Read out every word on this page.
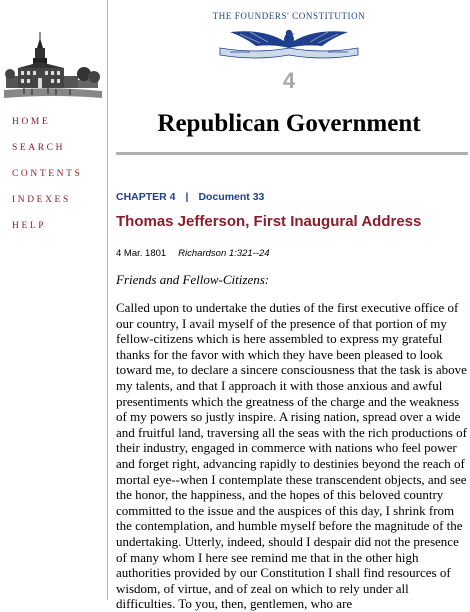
HOME
SEARCH
CONTENTS
INDEXES
HELP
THE FOUNDERS' CONSTITUTION
4
Republican Government
CHAPTER 4 | Document 33
Thomas Jefferson, First Inaugural Address
4 Mar. 1801 Richardson 1:321--24
Friends and Fellow-Citizens:

Called upon to undertake the duties of the first executive office of our country, I avail myself of the presence of that portion of my fellow-citizens which is here assembled to express my grateful thanks for the favor with which they have been pleased to look toward me, to declare a sincere consciousness that the task is above my talents, and that I approach it with those anxious and awful presentiments which the greatness of the charge and the weakness of my powers so justly inspire. A rising nation, spread over a wide and fruitful land, traversing all the seas with the rich productions of their industry, engaged in commerce with nations who feel power and forget right, advancing rapidly to destinies beyond the reach of mortal eye--when I contemplate these transcendent objects, and see the honor, the happiness, and the hopes of this beloved country committed to the issue and the auspices of this day, I shrink from the contemplation, and humble myself before the magnitude of the undertaking. Utterly, indeed, should I despair did not the presence of many whom I here see remind me that in the other high authorities provided by our Constitution I shall find resources of wisdom, of virtue, and of zeal on which to rely under all difficulties. To you, then, gentlemen, who are
